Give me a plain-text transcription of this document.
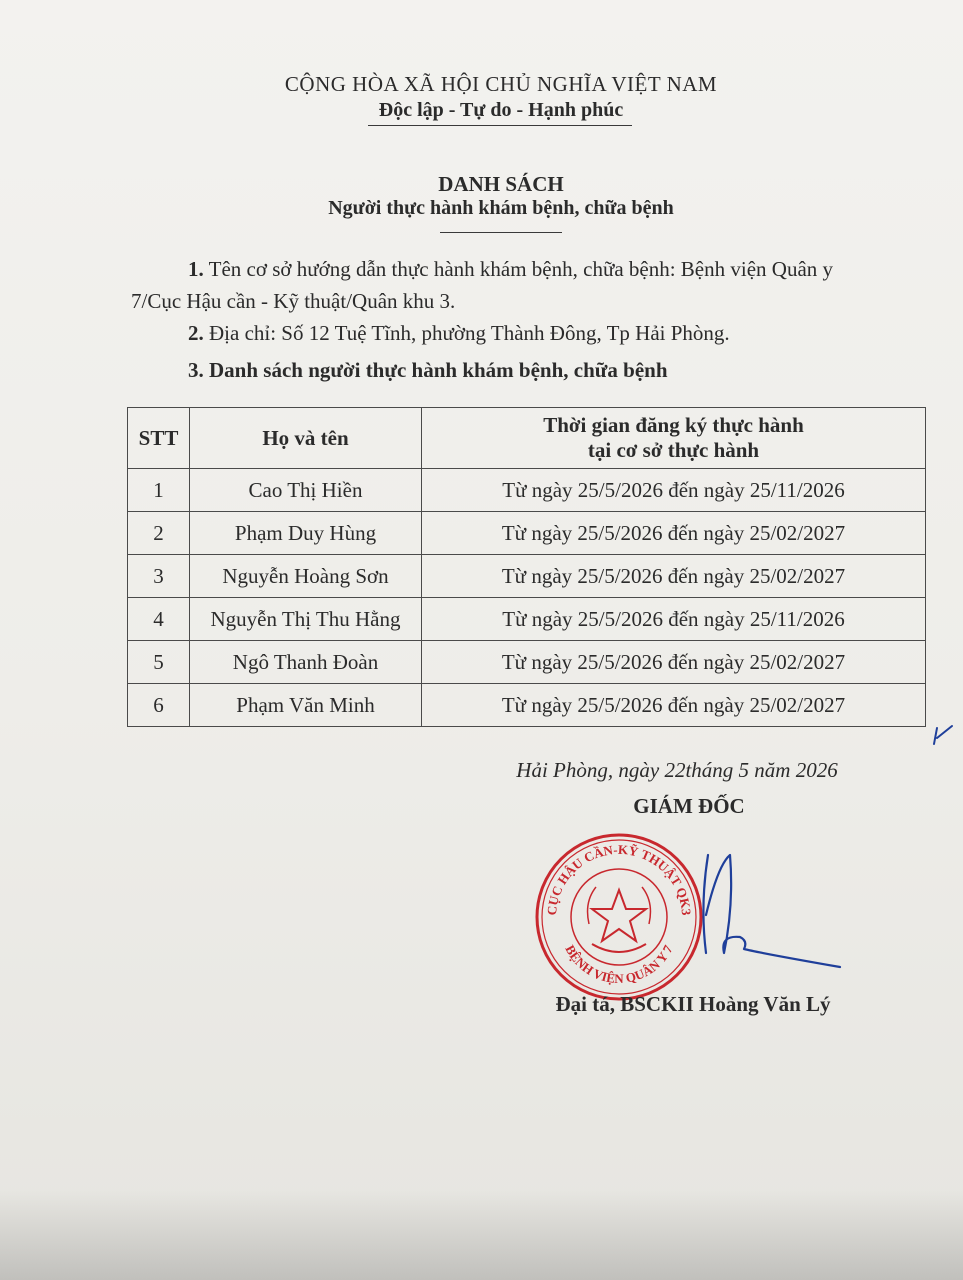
CỘNG HÒA XÃ HỘI CHỦ NGHĨA VIỆT NAM
Độc lập - Tự do - Hạnh phúc
DANH SÁCH
Người thực hành khám bệnh, chữa bệnh
1. Tên cơ sở hướng dẫn thực hành khám bệnh, chữa bệnh: Bệnh viện Quân y
7/Cục Hậu cần - Kỹ thuật/Quân khu 3.
2. Địa chỉ: Số 12 Tuệ Tĩnh, phường Thành Đông, Tp Hải Phòng.
3. Danh sách người thực hành khám bệnh, chữa bệnh
STT	Họ và tên	Thời gian đăng ký thực hành
tại cơ sở thực hành
1	Cao Thị Hiền	Từ ngày 25/5/2026 đến ngày 25/11/2026
2	Phạm Duy Hùng	Từ ngày 25/5/2026 đến ngày 25/02/2027
3	Nguyễn Hoàng Sơn	Từ ngày 25/5/2026 đến ngày 25/02/2027
4	Nguyễn Thị Thu Hằng	Từ ngày 25/5/2026 đến ngày 25/11/2026
5	Ngô Thanh Đoàn	Từ ngày 25/5/2026 đến ngày 25/02/2027
6	Phạm Văn Minh	Từ ngày 25/5/2026 đến ngày 25/02/2027
Hải Phòng, ngày 22tháng 5 năm 2026
GIÁM ĐỐC
CỤC HẬU CẦN-KỸ THUẬT QK3
BỆNH VIỆN QUÂN Y 7
Đại tá, BSCKII Hoàng Văn Lý
